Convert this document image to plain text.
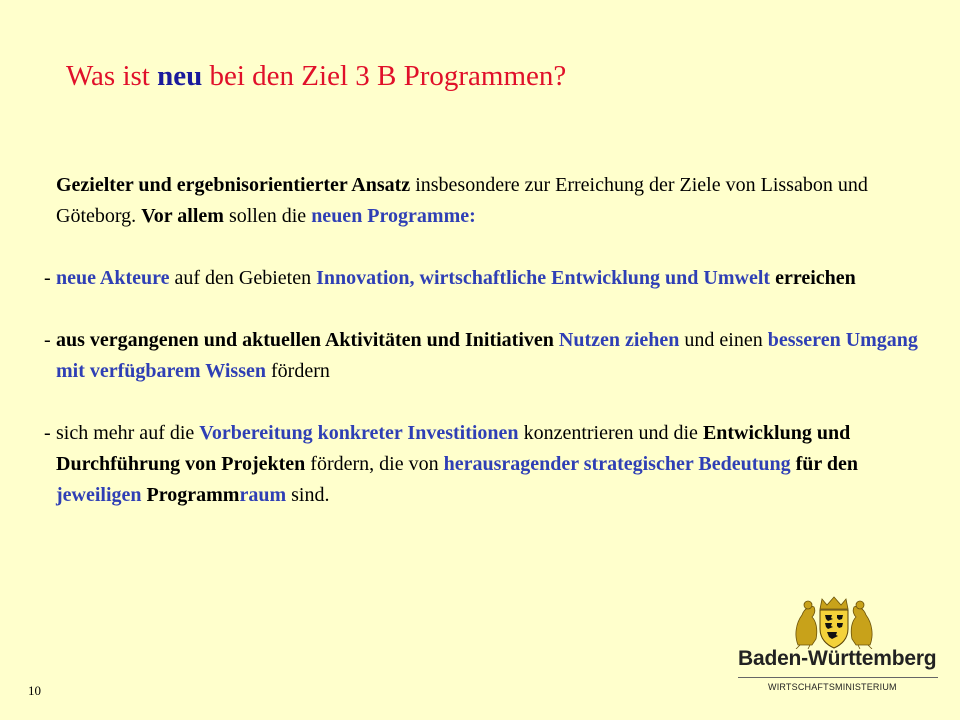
Was ist neu bei den Ziel 3 B Programmen?

Gezielter und ergebnisorientierter Ansatz insbesondere zur Erreichung der Ziele von Lissabon und Göteborg. Vor allem sollen die neuen Programme:

- neue Akteure auf den Gebieten Innovation, wirtschaftliche Entwicklung und Umwelt erreichen

- aus vergangenen und aktuellen Aktivitäten und Initiativen Nutzen ziehen und einen besseren Umgang mit verfügbarem Wissen fördern

- sich mehr auf die Vorbereitung konkreter Investitionen konzentrieren und die Entwicklung und Durchführung von Projekten fördern, die von herausragender strategischer Bedeutung für den jeweiligen Programmraum sind.

10
Baden-Württemberg
WIRTSCHAFTSMINISTERIUM
